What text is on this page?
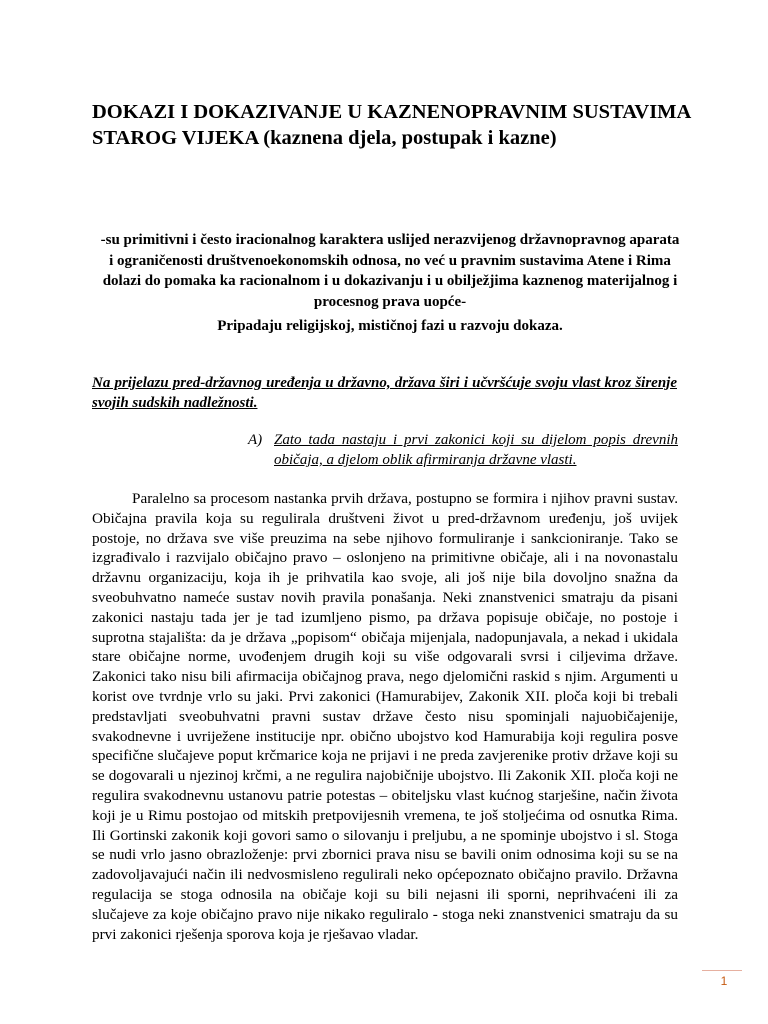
DOKAZI I DOKAZIVANJE U KAZNENOPRAVNIM SUSTAVIMA STAROG VIJEKA (kaznena djela, postupak i kazne)

-su primitivni i često iracionalnog karaktera uslijed nerazvijenog državnopravnog aparata i ograničenosti društvenoekonomskih odnosa, no već u pravnim sustavima Atene i Rima dolazi do pomaka ka racionalnom i u dokazivanju i u obilježjima kaznenog materijalnog i procesnog prava uopće-

Pripadaju religijskoj, mističnoj fazi u razvoju dokaza.

Na prijelazu pred-državnog uređenja u državno, država širi i učvršćuje svoju vlast kroz širenje svojih sudskih nadležnosti.

A) Zato tada nastaju i prvi zakonici koji su dijelom popis drevnih običaja, a djelom oblik afirmiranja državne vlasti.

Paralelno sa procesom nastanka prvih država, postupno se formira i njihov pravni sustav. Običajna pravila koja su regulirala društveni život u pred-državnom uređenju, još uvijek postoje, no država sve više preuzima na sebe njihovo formuliranje i sankcioniranje. Tako se izgrađivalo i razvijalo običajno pravo – oslonjeno na primitivne običaje, ali i na novonastalu državnu organizaciju, koja ih je prihvatila kao svoje, ali još nije bila dovoljno snažna da sveobuhvatno nameće sustav novih pravila ponašanja. Neki znanstvenici smatraju da pisani zakonici nastaju tada jer je tad izumljeno pismo, pa država popisuje običaje, no postoje i suprotna stajališta: da je država „popisom“ običaja mijenjala, nadopunjavala, a nekad i ukidala stare običajne norme, uvođenjem drugih koji su više odgovarali svrsi i ciljevima države. Zakonici tako nisu bili afirmacija običajnog prava, nego djelomični raskid s njim. Argumenti u korist ove tvrdnje vrlo su jaki. Prvi zakonici (Hamurabijev, Zakonik XII. ploča koji bi trebali predstavljati sveobuhvatni pravni sustav države često nisu spominjali najuobičajenije, svakodnevne i uvriježene institucije npr. obično ubojstvo kod Hamurabija koji regulira posve specifične slučajeve poput krčmarice koja ne prijavi i ne preda zavjerenike protiv države koji su se dogovarali u njezinoj krčmi, a ne regulira najobičnije ubojstvo. Ili Zakonik XII. ploča koji ne regulira svakodnevnu ustanovu patrie potestas – obiteljsku vlast kućnog starješine, način života koji je u Rimu postojao od mitskih pretpovijesnih vremena, te još stoljećima od osnutka Rima. Ili Gortinski zakonik koji govori samo o silovanju i preljubu, a ne spominje ubojstvo i sl. Stoga se nudi vrlo jasno obrazloženje: prvi zbornici prava nisu se bavili onim odnosima koji su se na zadovoljavajući način ili nedvosmisleno regulirali neko općepoznato običajno pravilo. Državna regulacija se stoga odnosila na običaje koji su bili nejasni ili sporni, neprihvaćeni ili za slučajeve za koje običajno pravo nije nikako reguliralo - stoga neki znanstvenici smatraju da su prvi zakonici rješenja sporova koja je rješavao vladar.

1
